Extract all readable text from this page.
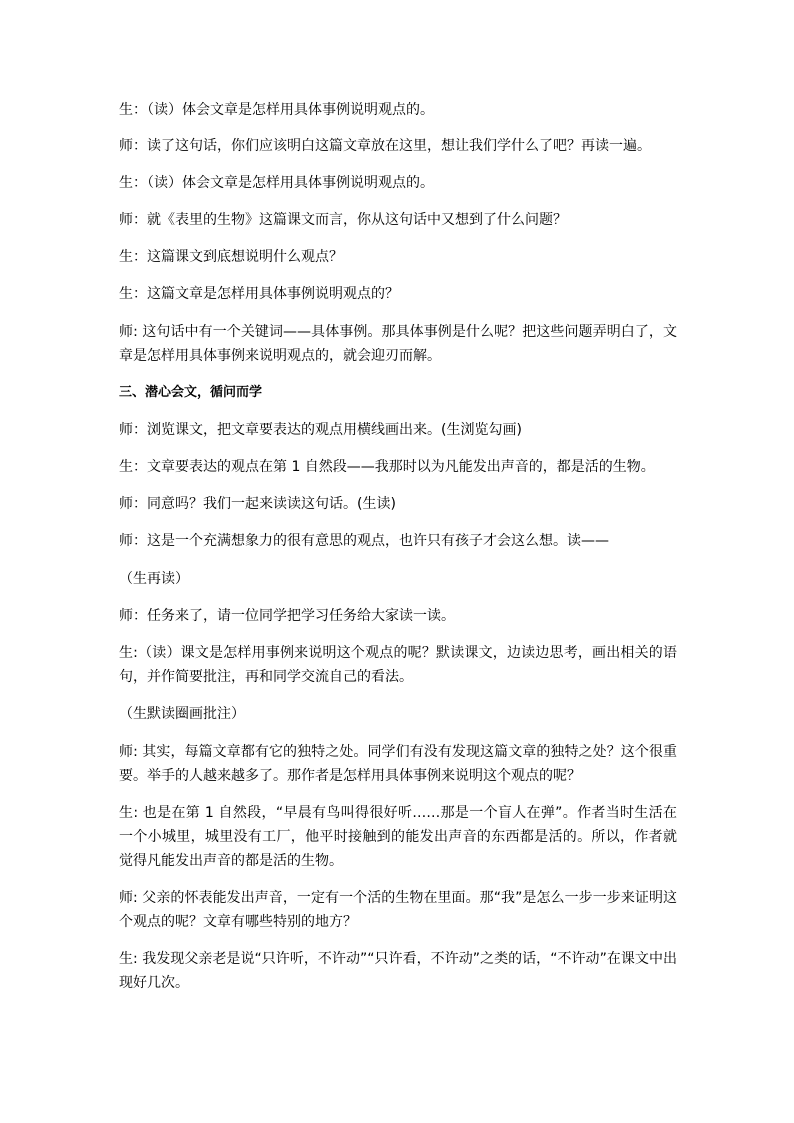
生：（读）体会文章是怎样用具体事例说明观点的。

师：读了这句话，你们应该明白这篇文章放在这里，想让我们学什么了吧？再读一遍。

生：（读）体会文章是怎样用具体事例说明观点的。

师：就《表里的生物》这篇课文而言，你从这句话中又想到了什么问题？

生：这篇课文到底想说明什么观点？

生：这篇文章是怎样用具体事例说明观点的？

师: 这句话中有一个关键词——具体事例。那具体事例是什么呢？把这些问题弄明白了，文章是怎样用具体事例来说明观点的，就会迎刃而解。

三、潜心会文，循问而学

师：浏览课文，把文章要表达的观点用横线画出来。(生浏览勾画)

生：文章要表达的观点在第 1 自然段——我那时以为凡能发出声音的，都是活的生物。

师：同意吗？我们一起来读读这句话。(生读)

师：这是一个充满想象力的很有意思的观点，也许只有孩子才会这么想。读——

（生再读）

师：任务来了，请一位同学把学习任务给大家读一读。

生:（读）课文是怎样用事例来说明这个观点的呢？默读课文，边读边思考，画出相关的语句，并作简要批注，再和同学交流自己的看法。

（生默读圈画批注）

师: 其实，每篇文章都有它的独特之处。同学们有没有发现这篇文章的独特之处？这个很重要。举手的人越来越多了。那作者是怎样用具体事例来说明这个观点的呢？

生: 也是在第 1 自然段，“早晨有鸟叫得很好听……那是一个盲人在弹”。作者当时生活在一个小城里，城里没有工厂，他平时接触到的能发出声音的东西都是活的。所以，作者就觉得凡能发出声音的都是活的生物。

师: 父亲的怀表能发出声音，一定有一个活的生物在里面。那“我”是怎么一步一步来证明这个观点的呢？文章有哪些特别的地方？

生: 我发现父亲老是说“只许听，不许动”“只许看，不许动”之类的话，“不许动”在课文中出现好几次。
